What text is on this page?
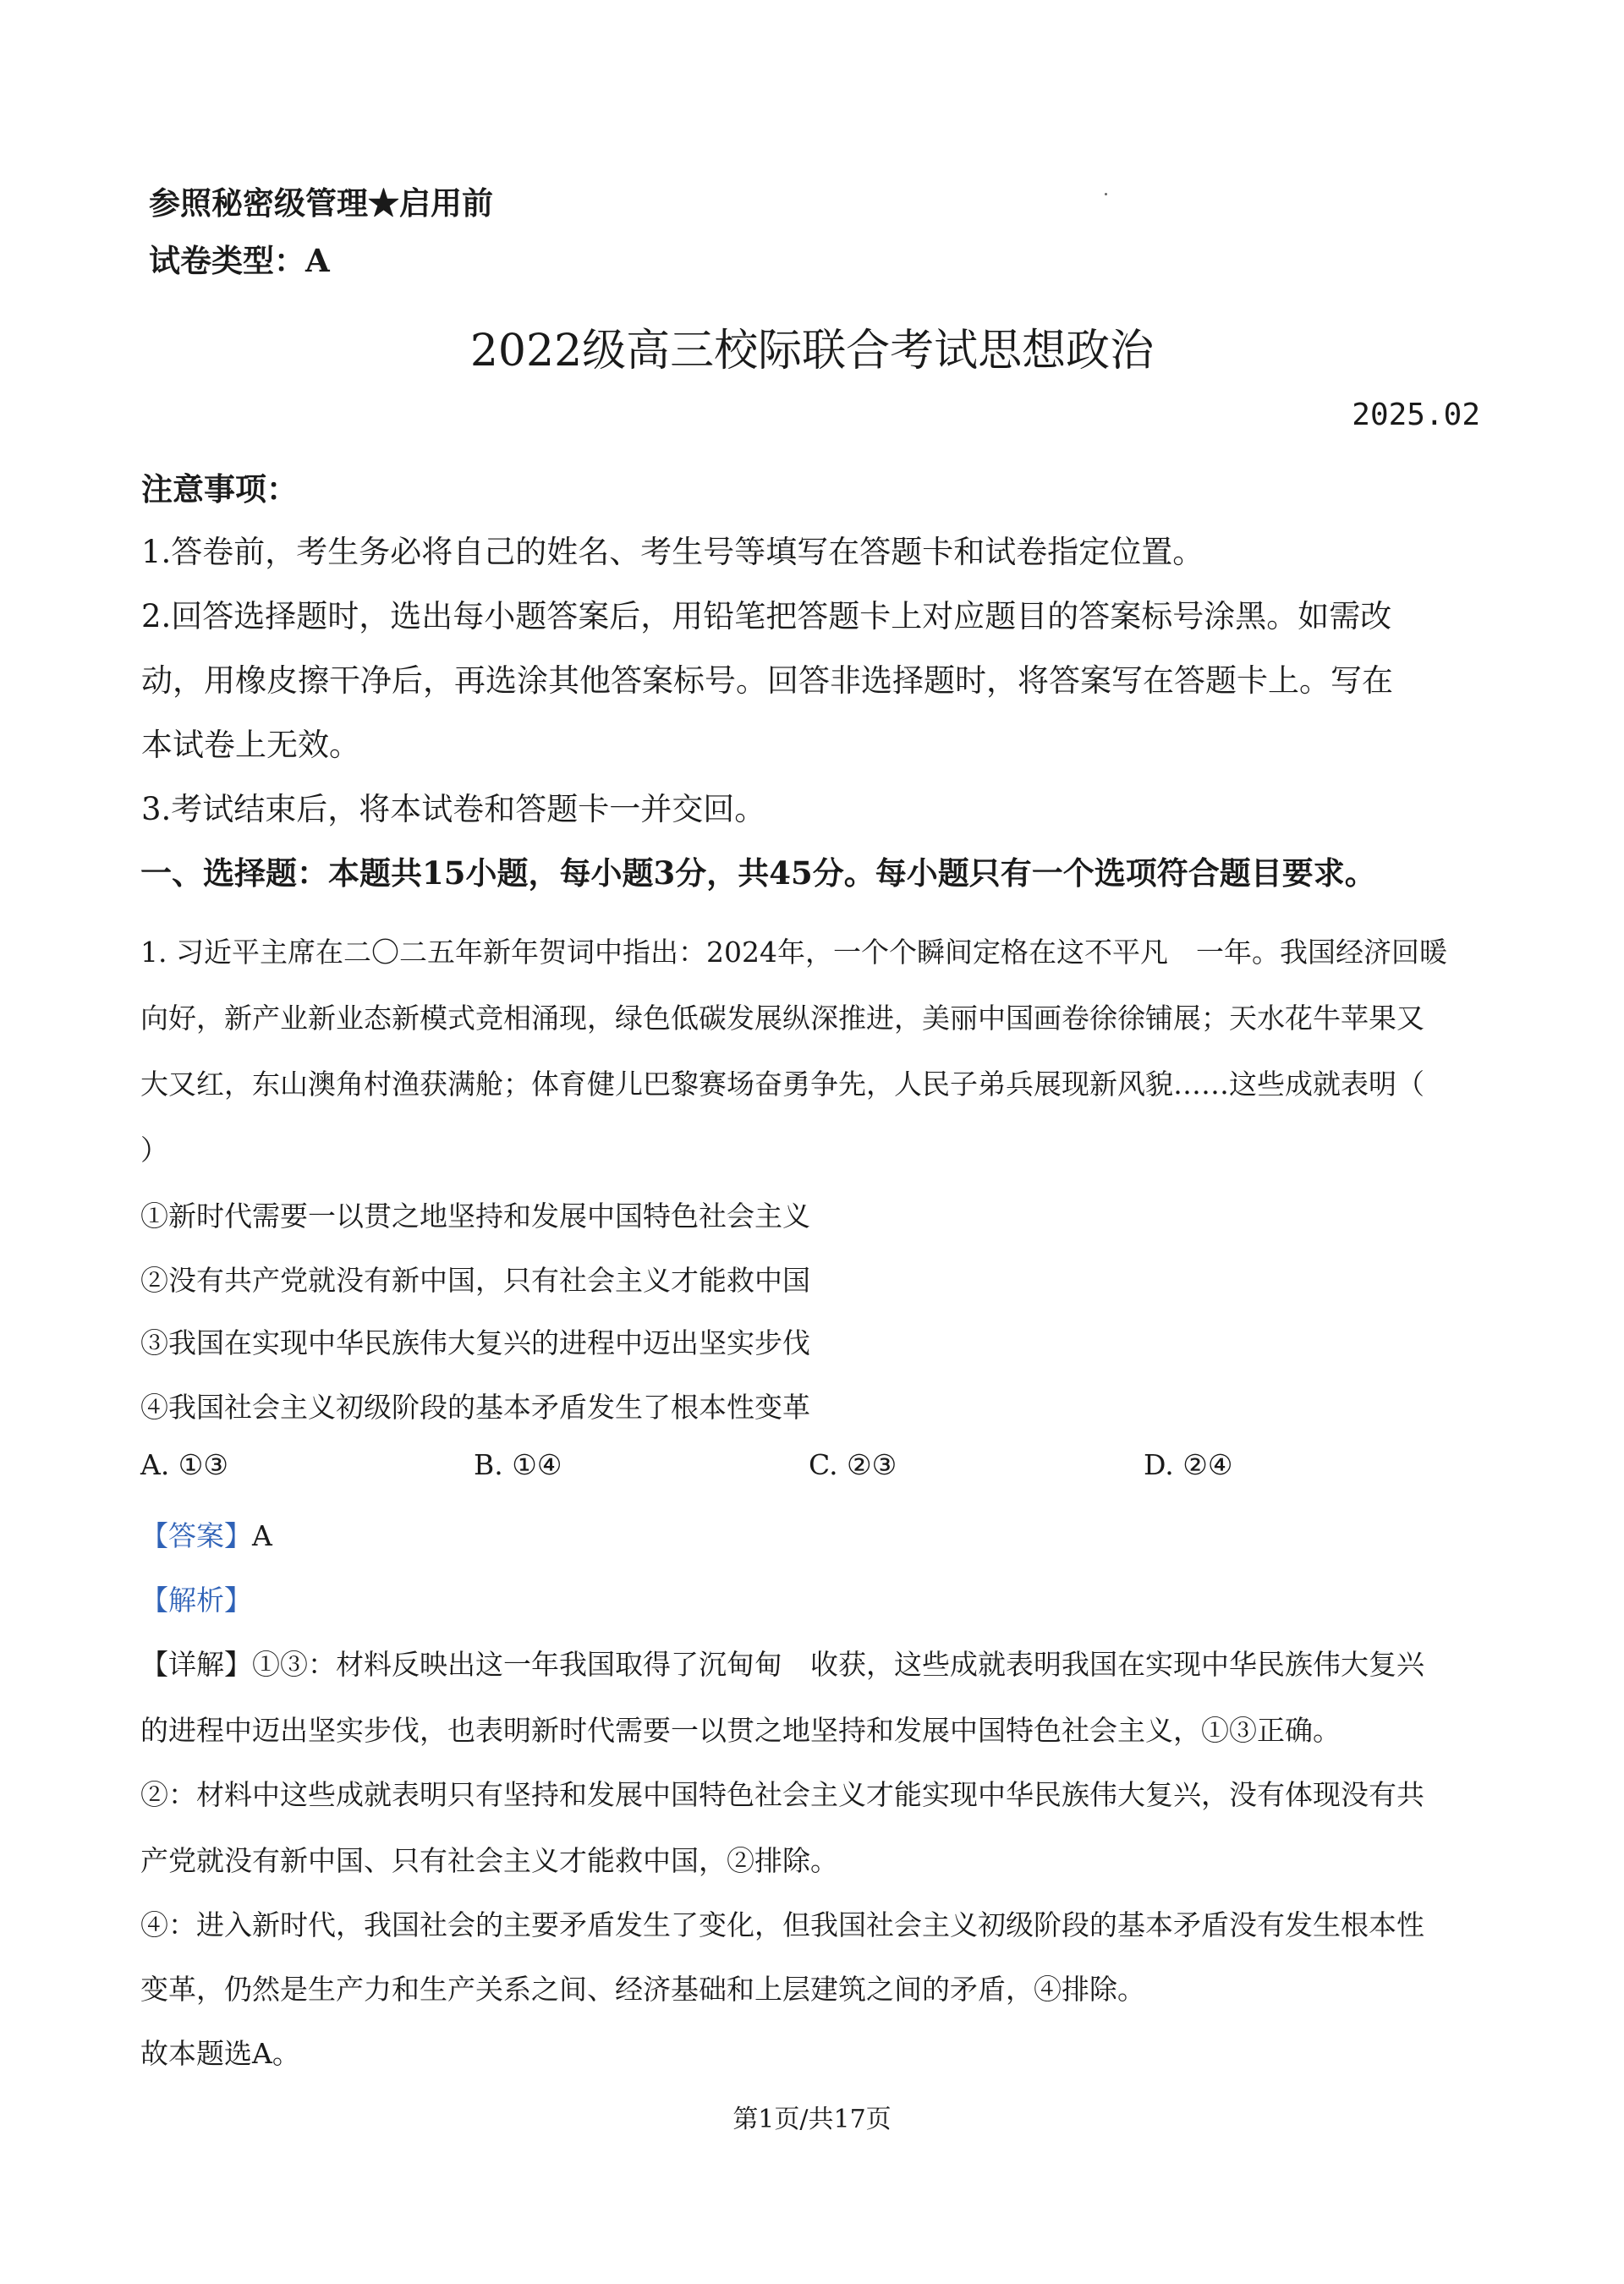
参照秘密级管理★启用前
试卷类型：A
2022级高三校际联合考试思想政治
2025.02
注意事项：
1.答卷前，考生务必将自己的姓名、考生号等填写在答题卡和试卷指定位置。
2.回答选择题时，选出每小题答案后，用铅笔把答题卡上对应题目的答案标号涂黑。如需改
动，用橡皮擦干净后，再选涂其他答案标号。回答非选择题时，将答案写在答题卡上。写在
本试卷上无效。
3.考试结束后，将本试卷和答题卡一并交回。
一、选择题：本题共15小题，每小题3分，共45分。每小题只有一个选项符合题目要求。
1. 习近平主席在二〇二五年新年贺词中指出：2024年，一个个瞬间定格在这不平凡　一年。我国经济回暖
向好，新产业新业态新模式竞相涌现，绿色低碳发展纵深推进，美丽中国画卷徐徐铺展；天水花牛苹果又
大又红，东山澳角村渔获满舱；体育健儿巴黎赛场奋勇争先，人民子弟兵展现新风貌……这些成就表明（
）
①新时代需要一以贯之地坚持和发展中国特色社会主义
②没有共产党就没有新中国，只有社会主义才能救中国
③我国在实现中华民族伟大复兴的进程中迈出坚实步伐
④我国社会主义初级阶段的基本矛盾发生了根本性变革
A. ①③	B. ①④	C. ②③	D. ②④
【答案】A
【解析】
【详解】①③：材料反映出这一年我国取得了沉甸甸　收获，这些成就表明我国在实现中华民族伟大复兴
的进程中迈出坚实步伐，也表明新时代需要一以贯之地坚持和发展中国特色社会主义，①③正确。
②：材料中这些成就表明只有坚持和发展中国特色社会主义才能实现中华民族伟大复兴，没有体现没有共
产党就没有新中国、只有社会主义才能救中国，②排除。
④：进入新时代，我国社会的主要矛盾发生了变化，但我国社会主义初级阶段的基本矛盾没有发生根本性
变革，仍然是生产力和生产关系之间、经济基础和上层建筑之间的矛盾，④排除。
故本题选A。
第1页/共17页
